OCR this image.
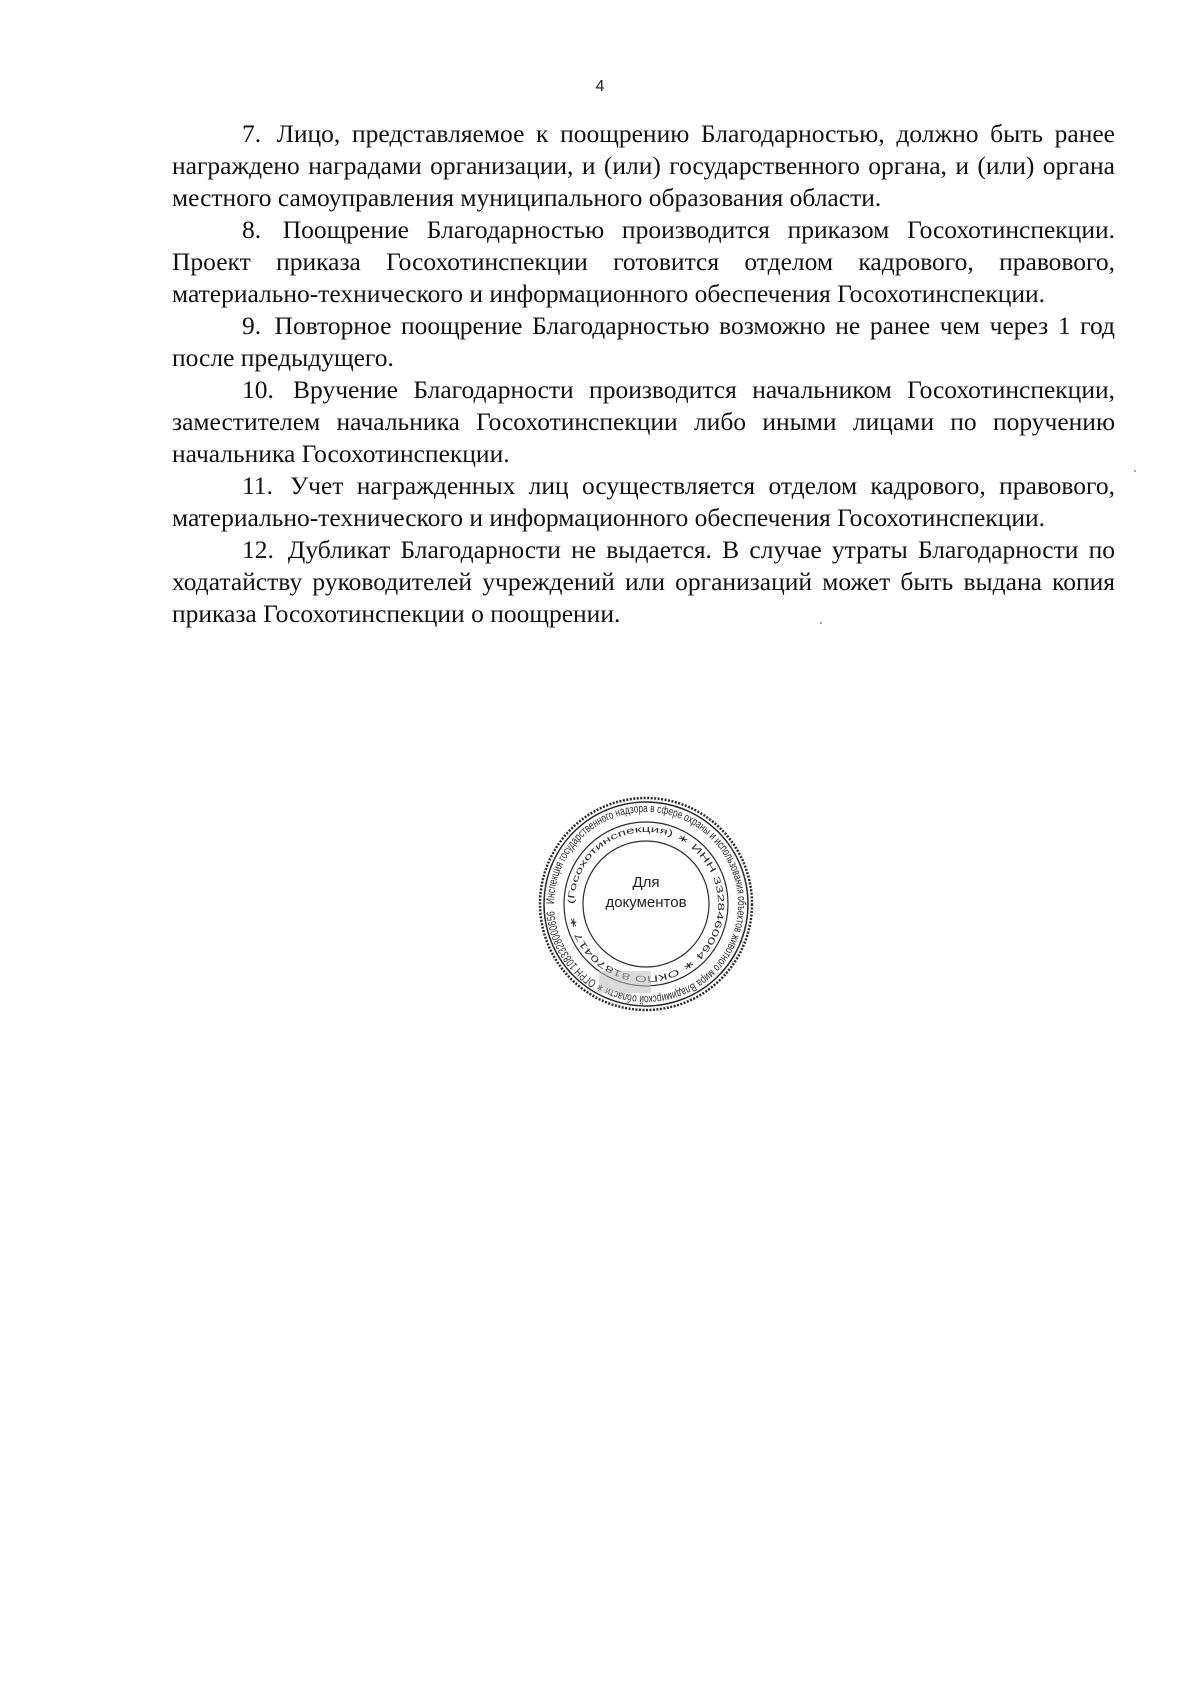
4

7. Лицо, представляемое к поощрению Благодарностью, должно быть ранее награждено наградами организации, и (или) государственного органа, и (или) органа местного самоуправления муниципального образования области.

8. Поощрение Благодарностью производится приказом Госохотинспекции. Проект приказа Госохотинспекции готовится отделом кадрового, правового, материально-технического и информационного обеспечения Госохотинспекции.

9. Повторное поощрение Благодарностью возможно не ранее чем через 1 год после предыдущего.

10. Вручение Благодарности производится начальником Госохотинспекции, заместителем начальника Госохотинспекции либо иными лицами по поручению начальника Госохотинспекции.

11. Учет награжденных лиц осуществляется отделом кадрового, правового, материально-технического и информационного обеспечения Госохотинспекции.

12. Дубликат Благодарности не выдается. В случае утраты Благодарности по ходатайству руководителей учреждений или организаций может быть выдана копия приказа Госохотинспекции о поощрении.

Инспекция государственного надзора в сфере охраны и использования объектов животного мира Владимирской облас ОГРН 1083328000656
(Госохотинспекция) ∗ ИНН 3328460064 ∗ ОКП 870417 ∗
Для
документов
